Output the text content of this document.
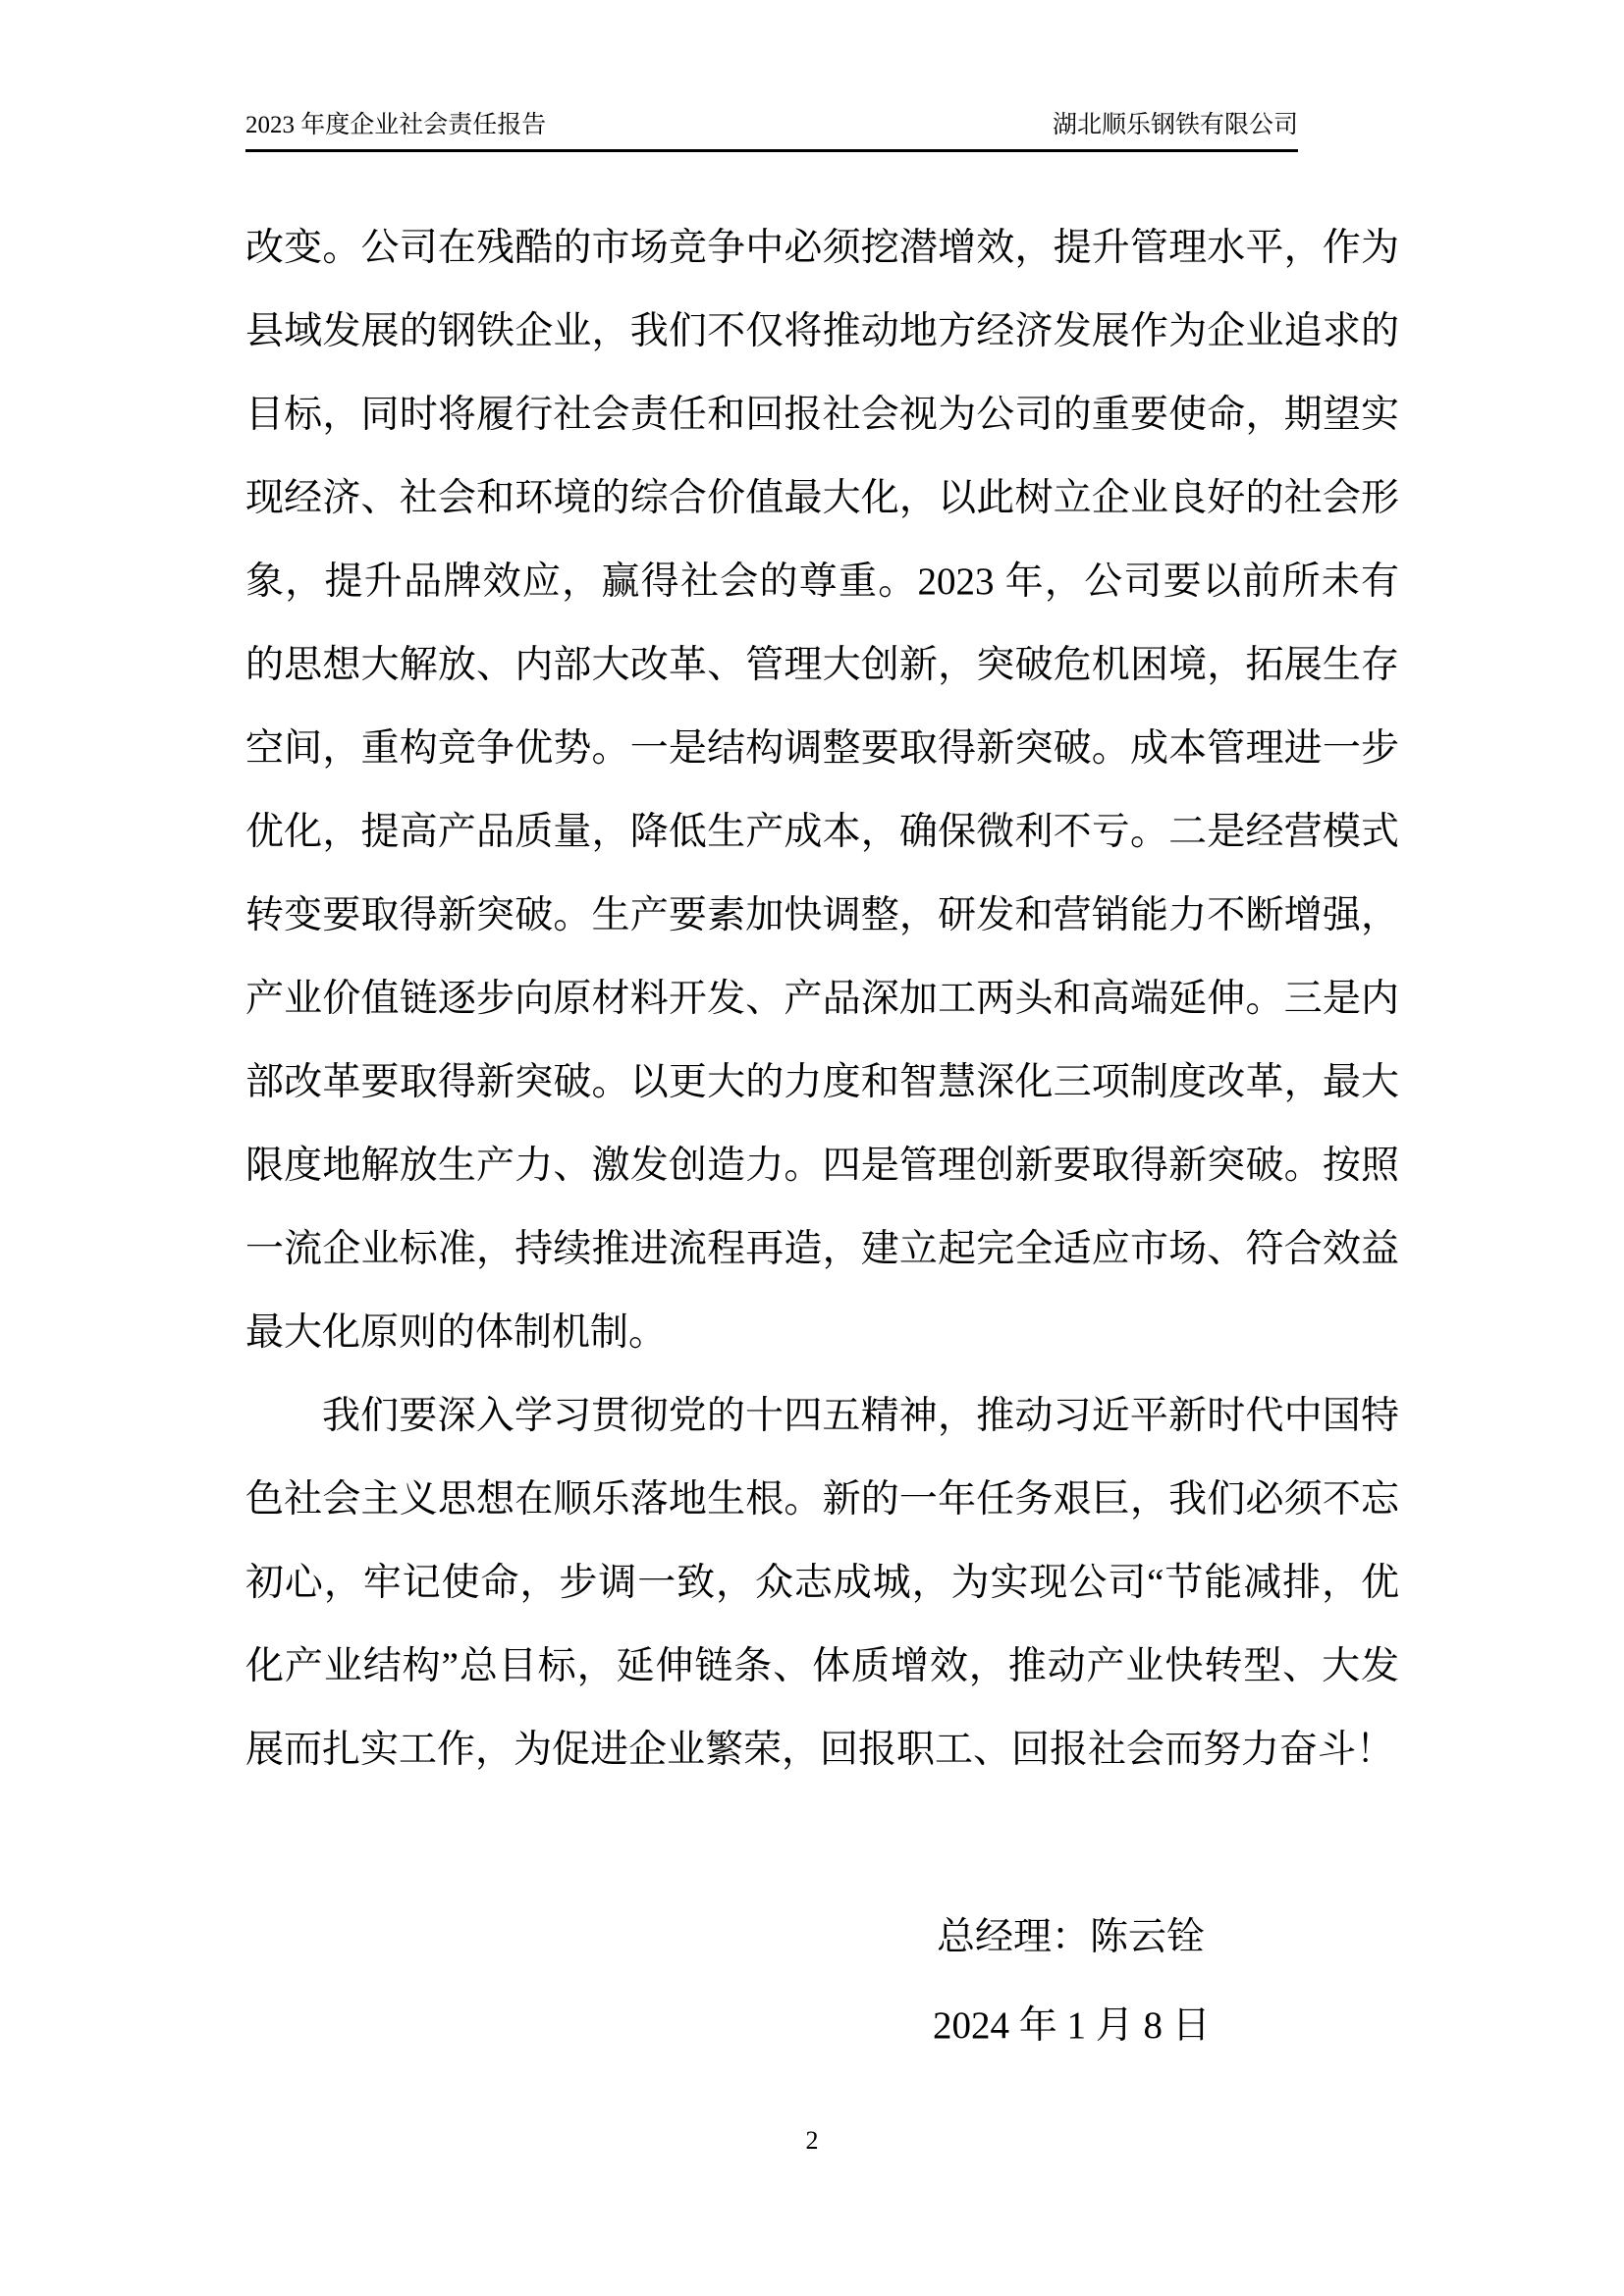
2023 年度企业社会责任报告	湖北顺乐钢铁有限公司
改变。公司在残酷的市场竞争中必须挖潜增效，提升管理水平，作为
县域发展的钢铁企业，我们不仅将推动地方经济发展作为企业追求的
目标，同时将履行社会责任和回报社会视为公司的重要使命，期望实
现经济、社会和环境的综合价值最大化，以此树立企业良好的社会形
象，提升品牌效应，赢得社会的尊重。2023 年，公司要以前所未有
的思想大解放、内部大改革、管理大创新，突破危机困境，拓展生存
空间，重构竞争优势。一是结构调整要取得新突破。成本管理进一步
优化，提高产品质量，降低生产成本，确保微利不亏。二是经营模式
转变要取得新突破。生产要素加快调整，研发和营销能力不断增强，
产业价值链逐步向原材料开发、产品深加工两头和高端延伸。三是内
部改革要取得新突破。以更大的力度和智慧深化三项制度改革，最大
限度地解放生产力、激发创造力。四是管理创新要取得新突破。按照
一流企业标准，持续推进流程再造，建立起完全适应市场、符合效益
最大化原则的体制机制。
我们要深入学习贯彻党的十四五精神，推动习近平新时代中国特
色社会主义思想在顺乐落地生根。新的一年任务艰巨，我们必须不忘
初心，牢记使命，步调一致，众志成城，为实现公司“节能减排，优
化产业结构”总目标，延伸链条、体质增效，推动产业快转型、大发
展而扎实工作，为促进企业繁荣，回报职工、回报社会而努力奋斗！
总经理：陈云铨
2024 年 1 月 8 日
2
